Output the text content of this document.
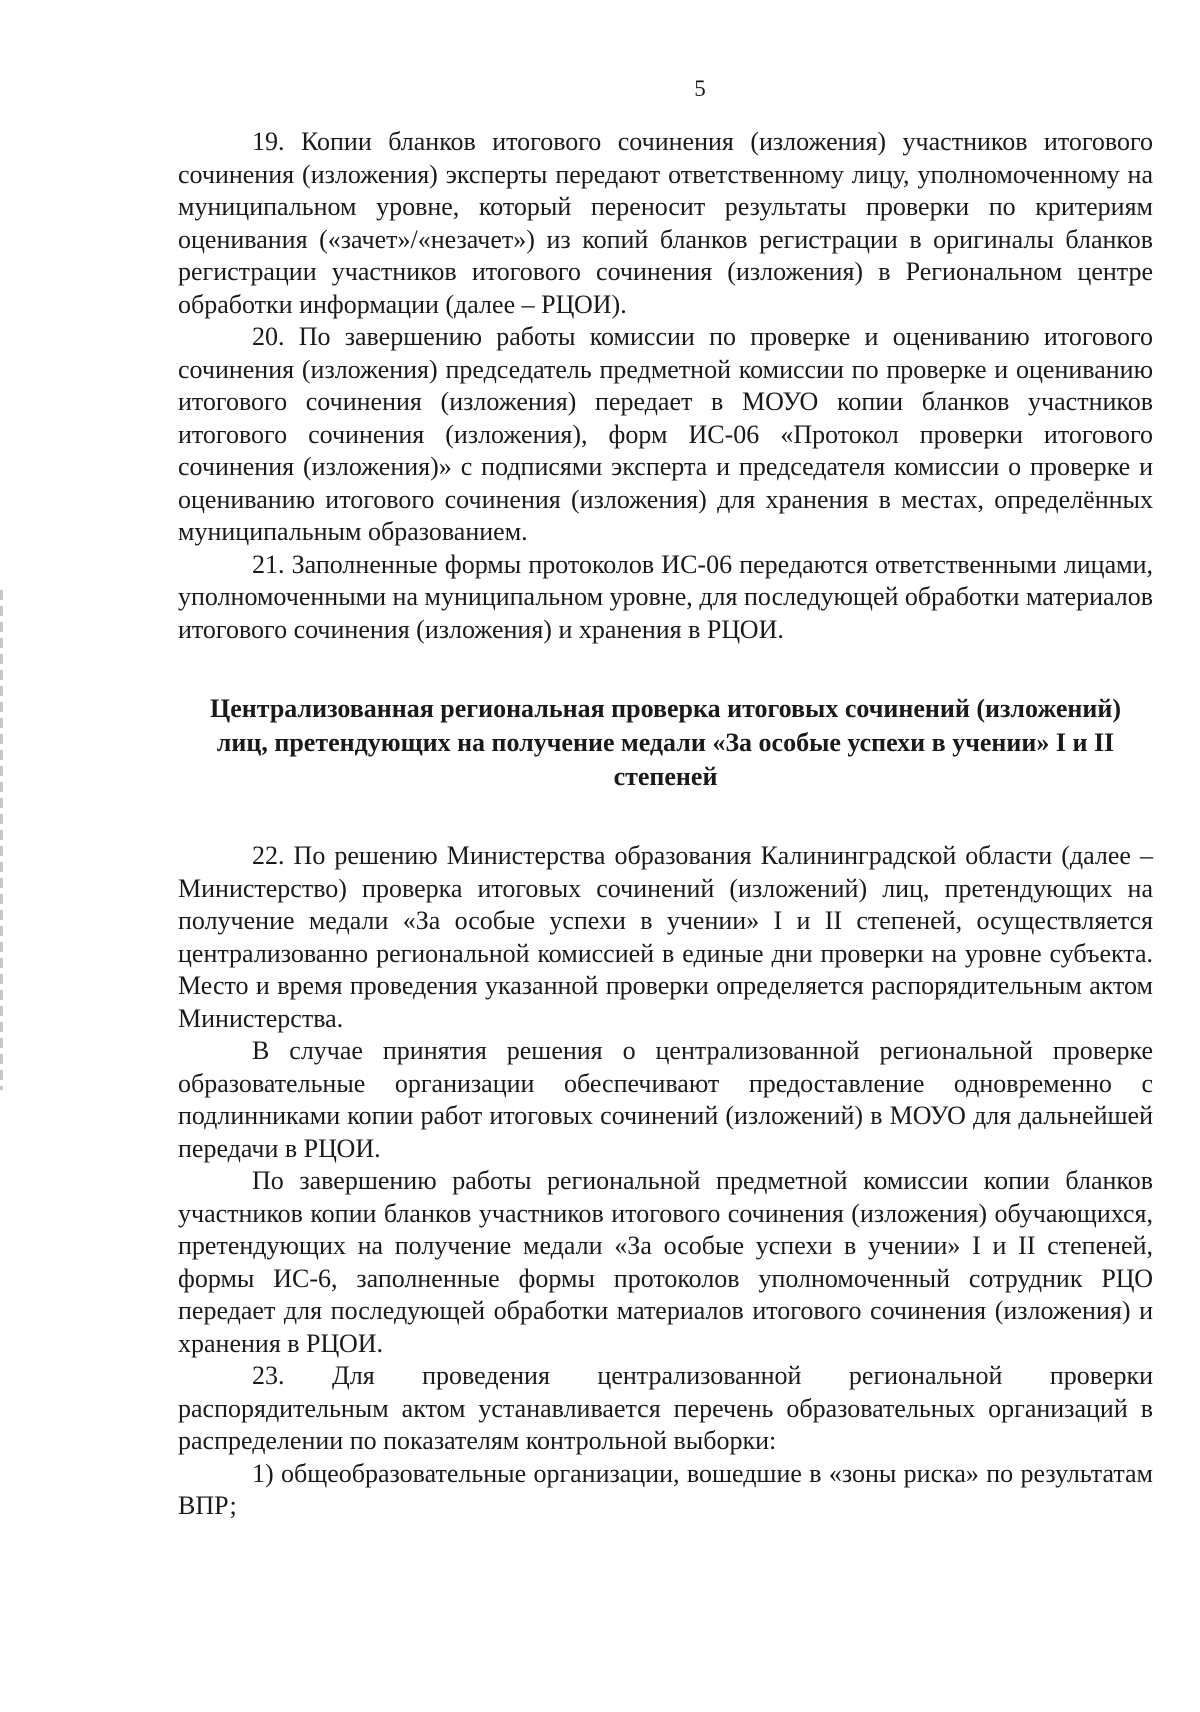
5

19. Копии бланков итогового сочинения (изложения) участников итогового сочинения (изложения) эксперты передают ответственному лицу, уполномоченному на муниципальном уровне, который переносит результаты проверки по критериям оценивания («зачет»/«незачет») из копий бланков регистрации в оригиналы бланков регистрации участников итогового сочинения (изложения) в Региональном центре обработки информации (далее – РЦОИ).

20. По завершению работы комиссии по проверке и оцениванию итогового сочинения (изложения) председатель предметной комиссии по проверке и оцениванию итогового сочинения (изложения) передает в МОУО копии бланков участников итогового сочинения (изложения), форм ИС-06 «Протокол проверки итогового сочинения (изложения)» с подписями эксперта и председателя комиссии о проверке и оцениванию итогового сочинения (изложения) для хранения в местах, определённых муниципальным образованием.

21. Заполненные формы протоколов ИС-06 передаются ответственными лицами, уполномоченными на муниципальном уровне, для последующей обработки материалов итогового сочинения (изложения) и хранения в РЦОИ.

Централизованная региональная проверка итоговых сочинений (изложений) лиц, претендующих на получение медали «За особые успехи в учении» I и II степеней

22. По решению Министерства образования Калининградской области (далее – Министерство) проверка итоговых сочинений (изложений) лиц, претендующих на получение медали «За особые успехи в учении» I и II степеней, осуществляется централизованно региональной комиссией в единые дни проверки на уровне субъекта. Место и время проведения указанной проверки определяется распорядительным актом Министерства.

В случае принятия решения о централизованной региональной проверке образовательные организации обеспечивают предоставление одновременно с подлинниками копии работ итоговых сочинений (изложений) в МОУО для дальнейшей передачи в РЦОИ.

По завершению работы региональной предметной комиссии копии бланков участников копии бланков участников итогового сочинения (изложения) обучающихся, претендующих на получение медали «За особые успехи в учении» I и II степеней, формы ИС-6, заполненные формы протоколов уполномоченный сотрудник РЦО передает для последующей обработки материалов итогового сочинения (изложения) и хранения в РЦОИ.

23. Для проведения централизованной региональной проверки распорядительным актом устанавливается перечень образовательных организаций в распределении по показателям контрольной выборки:

1) общеобразовательные организации, вошедшие в «зоны риска» по результатам ВПР;
